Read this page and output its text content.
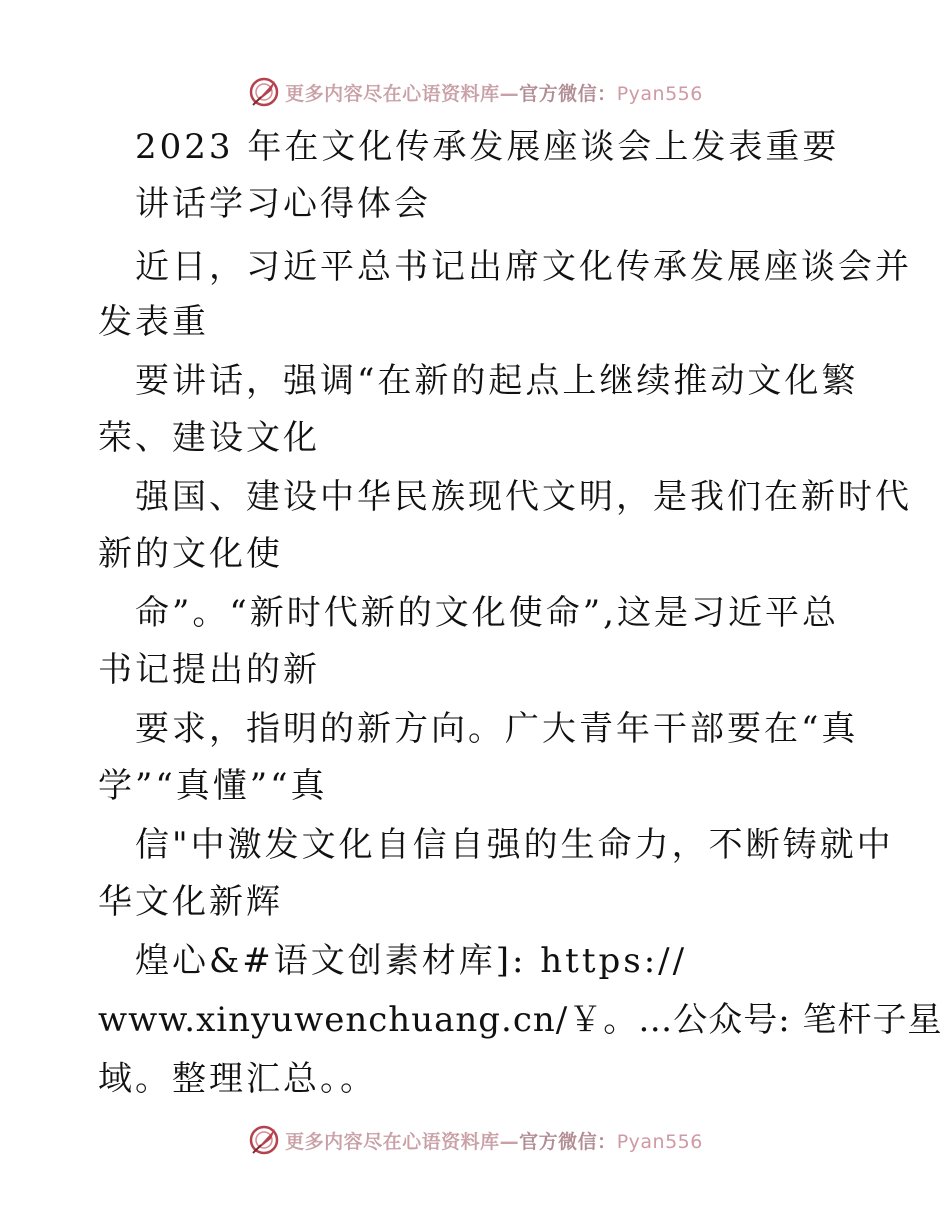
更多内容尽在心语资料库—官方微信：Pyan556
2023 年在文化传承发展座谈会上发表重要
讲话学习心得体会
近日，习近平总书记出席文化传承发展座谈会并
发表重
要讲话，强调“在新的起点上继续推动文化繁
荣、建设文化
强国、建设中华民族现代文明，是我们在新时代
新的文化使
命”。“新时代新的文化使命”,这是习近平总
书记提出的新
要求，指明的新方向。广大青年干部要在“真
学”“真懂”“真
信"中激发文化自信自强的生命力，不断铸就中
华文化新辉
煌心&#语文创素材库]: https://
www.xinyuwenchuang.cn/￥。…公众号: 笔杆子星
域。整理汇总。。
更多内容尽在心语资料库—官方微信：Pyan556
